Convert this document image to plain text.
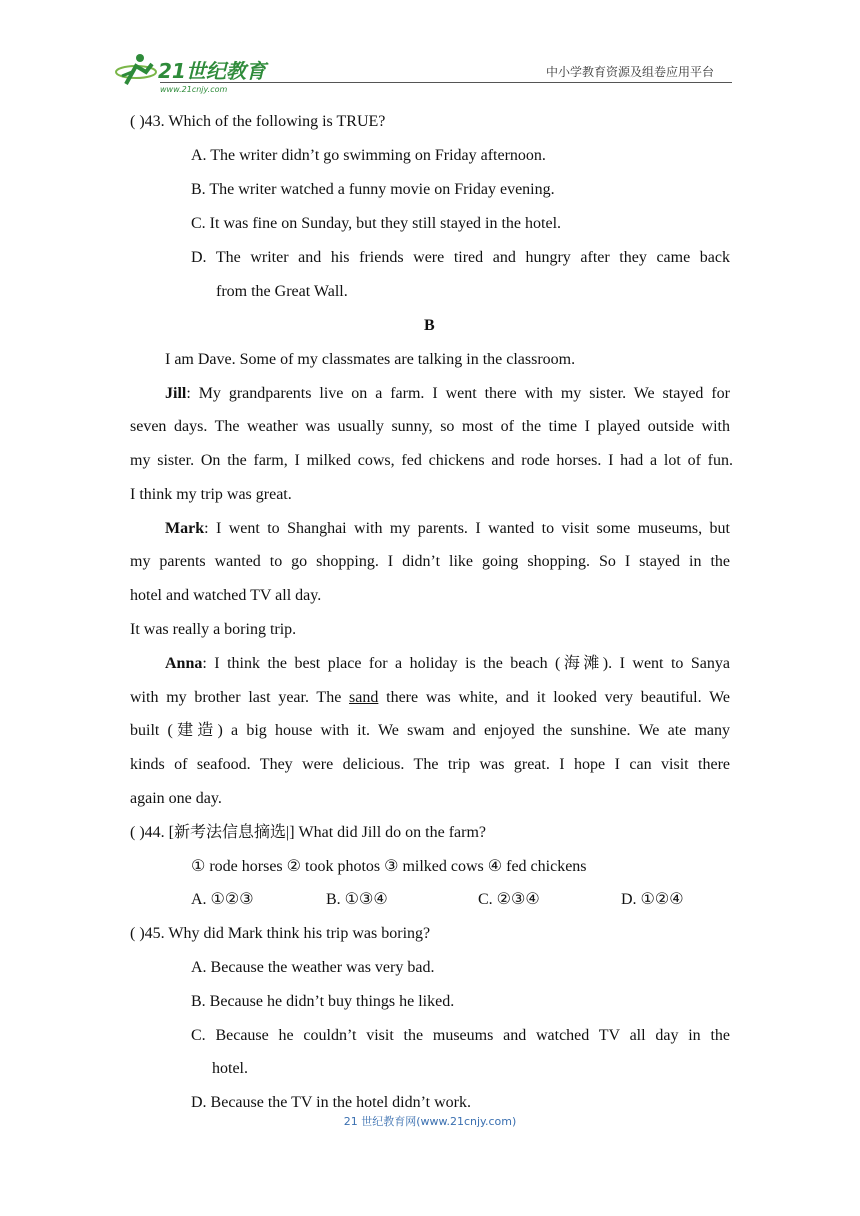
21世纪教育
www.21cnjy.com
中小学教育资源及组卷应用平台
( )43. Which of the following is TRUE?
A. The writer didn’t go swimming on Friday afternoon.
B. The writer watched a funny movie on Friday evening.
C. It was fine on Sunday, but they still stayed in the hotel.
D. The writer and his friends were tired and hungry after they came back
from the Great Wall.
B
I am Dave. Some of my classmates are talking in the classroom.
Jill: My grandparents live on a farm. I went there with my sister. We stayed for
seven days. The weather was usually sunny, so most of the time I played outside with
my sister. On the farm, I milked cows, fed chickens and rode horses. I had a lot of fun.
I think my trip was great.
Mark: I went to Shanghai with my parents. I wanted to visit some museums, but
my parents wanted to go shopping. I didn’t like going shopping. So I stayed in the
hotel and watched TV all day.
It was really a boring trip.
Anna: I think the best place for a holiday is the beach (海滩). I went to Sanya
with my brother last year. The sand there was white, and it looked very beautiful. We
built (建造) a big house with it. We swam and enjoyed the sunshine. We ate many
kinds of seafood. They were delicious. The trip was great. I hope I can visit there
again one day.
( )44. [新考法信息摘选|] What did Jill do on the farm?
① rode horses ② took photos ③ milked cows ④ fed chickens
A. ①②③	B. ①③④	C. ②③④	D. ①②④
( )45. Why did Mark think his trip was boring?
A. Because the weather was very bad.
B. Because he didn’t buy things he liked.
C. Because he couldn’t visit the museums and watched TV all day in the
hotel.
D. Because the TV in the hotel didn’t work.
21 世纪教育网(www.21cnjy.com)
